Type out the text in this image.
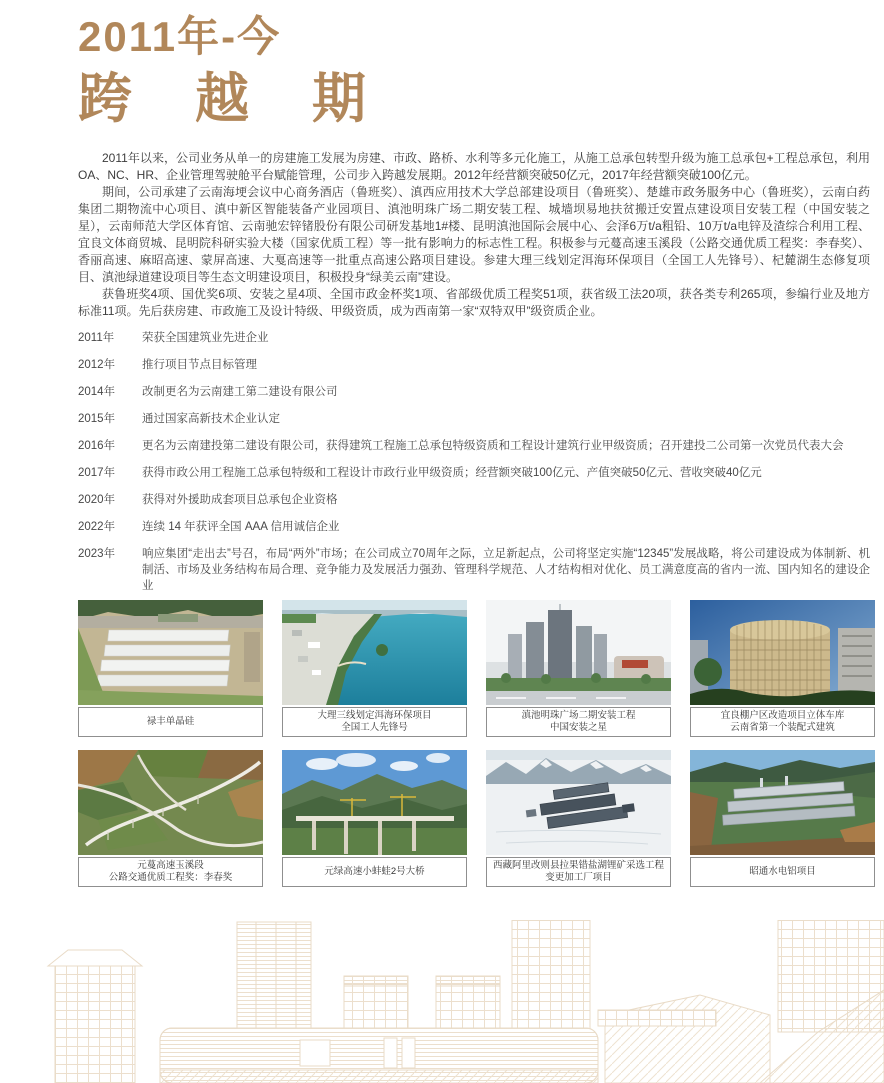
2011年-今
跨 越 期

2011年以来，公司业务从单一的房建施工发展为房建、市政、路桥、水利等多元化施工，从施工总承包转型升级为施工总承包+工程总承包，利用OA、NC、HR、企业管理驾驶舱平台赋能管理，公司步入跨越发展期。2012年经营额突破50亿元，2017年经营额突破100亿元。

期间，公司承建了云南海埂会议中心商务酒店（鲁班奖）、滇西应用技术大学总部建设项目（鲁班奖）、楚雄市政务服务中心（鲁班奖），云南白药集团二期物流中心项目、滇中新区智能装备产业园项目、滇池明珠广场二期安装工程、城墙坝易地扶贫搬迁安置点建设项目安装工程（中国安装之星），云南师范大学区体育馆、云南驰宏锌锗股份有限公司研发基地1#楼、昆明滇池国际会展中心、会泽6万t/a粗铅、10万t/a电锌及渣综合利用工程、宜良文体商贸城、昆明院科研实验大楼（国家优质工程）等一批有影响力的标志性工程。积极参与元蔓高速玉溪段（公路交通优质工程奖：李春奖）、香丽高速、麻昭高速、蒙屏高速、大戛高速等一批重点高速公路项目建设。参建大理三线划定洱海环保项目（全国工人先锋号）、杞麓湖生态修复项目、滇池绿道建设项目等生态文明建设项目，积极投身“绿美云南”建设。

获鲁班奖4项、国优奖6项、安装之星4项、全国市政金杯奖1项、省部级优质工程奖51项，获省级工法20项，获各类专利265项，参编行业及地方标准11项。先后获房建、市政施工及设计特级、甲级资质，成为西南第一家“双特双甲”级资质企业。

2011年	荣获全国建筑业先进企业
2012年	推行项目节点目标管理
2014年	改制更名为云南建工第二建设有限公司
2015年	通过国家高新技术企业认定
2016年	更名为云南建投第二建设有限公司，获得建筑工程施工总承包特级资质和工程设计建筑行业甲级资质；召开建投二公司第一次党员代表大会
2017年	获得市政公用工程施工总承包特级和工程设计市政行业甲级资质；经营额突破100亿元、产值突破50亿元、营收突破40亿元
2020年	获得对外援助成套项目总承包企业资格
2022年	连续 14 年获评全国 AAA 信用诚信企业
2023年	响应集团“走出去”号召，布局“两外”市场；在公司成立70周年之际，立足新起点，公司将坚定实施“12345”发展战略，将公司建设成为体制新、机制活、市场及业务结构布局合理、竞争能力及发展活力强劲、管理科学规范、人才结构相对优化、员工满意度高的省内一流、国内知名的建设企业
禄丰单晶硅
大理三线划定洱海环保项目
全国工人先锋号
滇池明珠广场二期安装工程
中国安装之星
宜良棚户区改造项目立体车库
云南省第一个装配式建筑
元蔓高速玉溪段
公路交通优质工程奖：李春奖
元绿高速小蚌蛙2号大桥
西藏阿里改则县拉果错盐湖锂矿采选工程
变更加工厂项目
昭通水电铝项目
